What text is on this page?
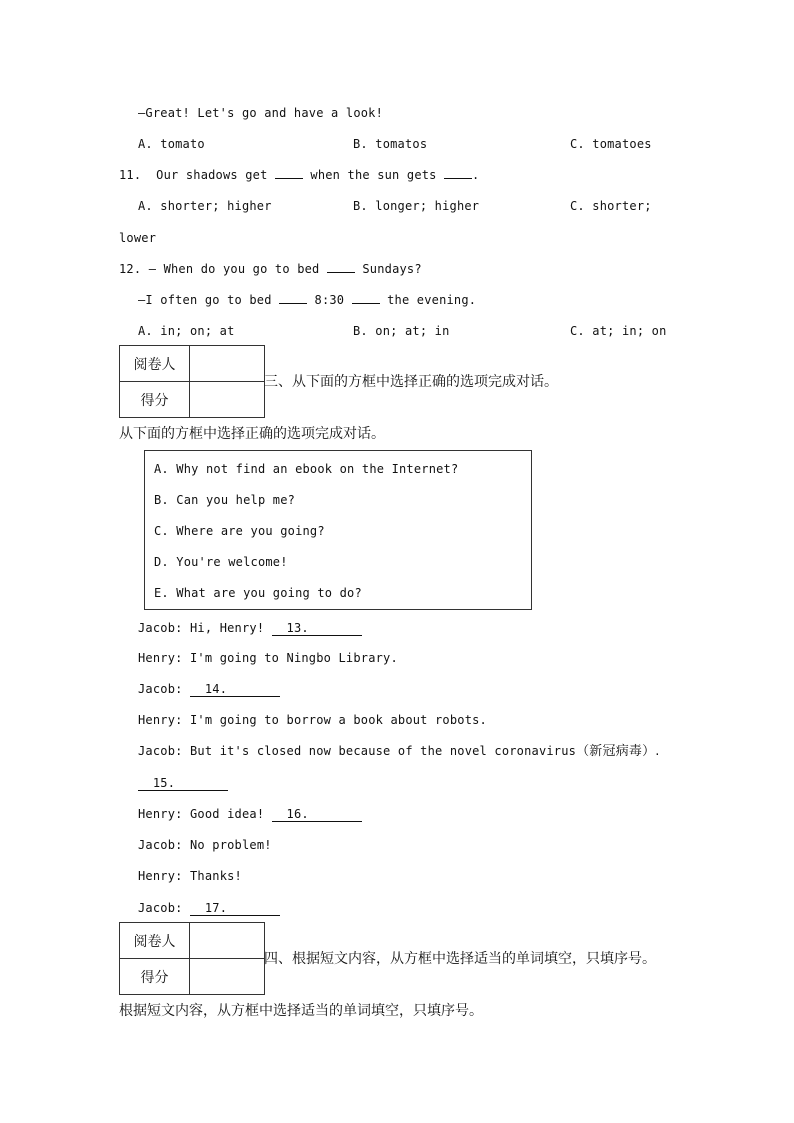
—Great! Let's go and have a look!
A. tomato	B. tomatos	C. tomatoes
11. Our shadows get	when the sun gets	.
A. shorter; higher	B. longer; higher	C. shorter;
lower
12. — When do you go to bed	Sundays?
—I often go to bed	8:30	the evening.
A. in; on; at	B. on; at; in	C. at; in; on
阅卷人	
得分	
三、从下面的方框中选择正确的选项完成对话。
从下面的方框中选择正确的选项完成对话。
A. Why not find an ebook on the Internet?
B. Can you help me?
C. Where are you going?
D. You're welcome!
E. What are you going to do?
Jacob: Hi, Henry! 13.
Henry: I'm going to Ningbo Library.
Jacob: 14.
Henry: I'm going to borrow a book about robots.
Jacob: But it's closed now because of the novel coronavirus（新冠病毒）.
15.
Henry: Good idea! 16.
Jacob: No problem!
Henry: Thanks!
Jacob: 17.
阅卷人	
得分	
四、根据短文内容，从方框中选择适当的单词填空，只填序号。
根据短文内容，从方框中选择适当的单词填空，只填序号。
